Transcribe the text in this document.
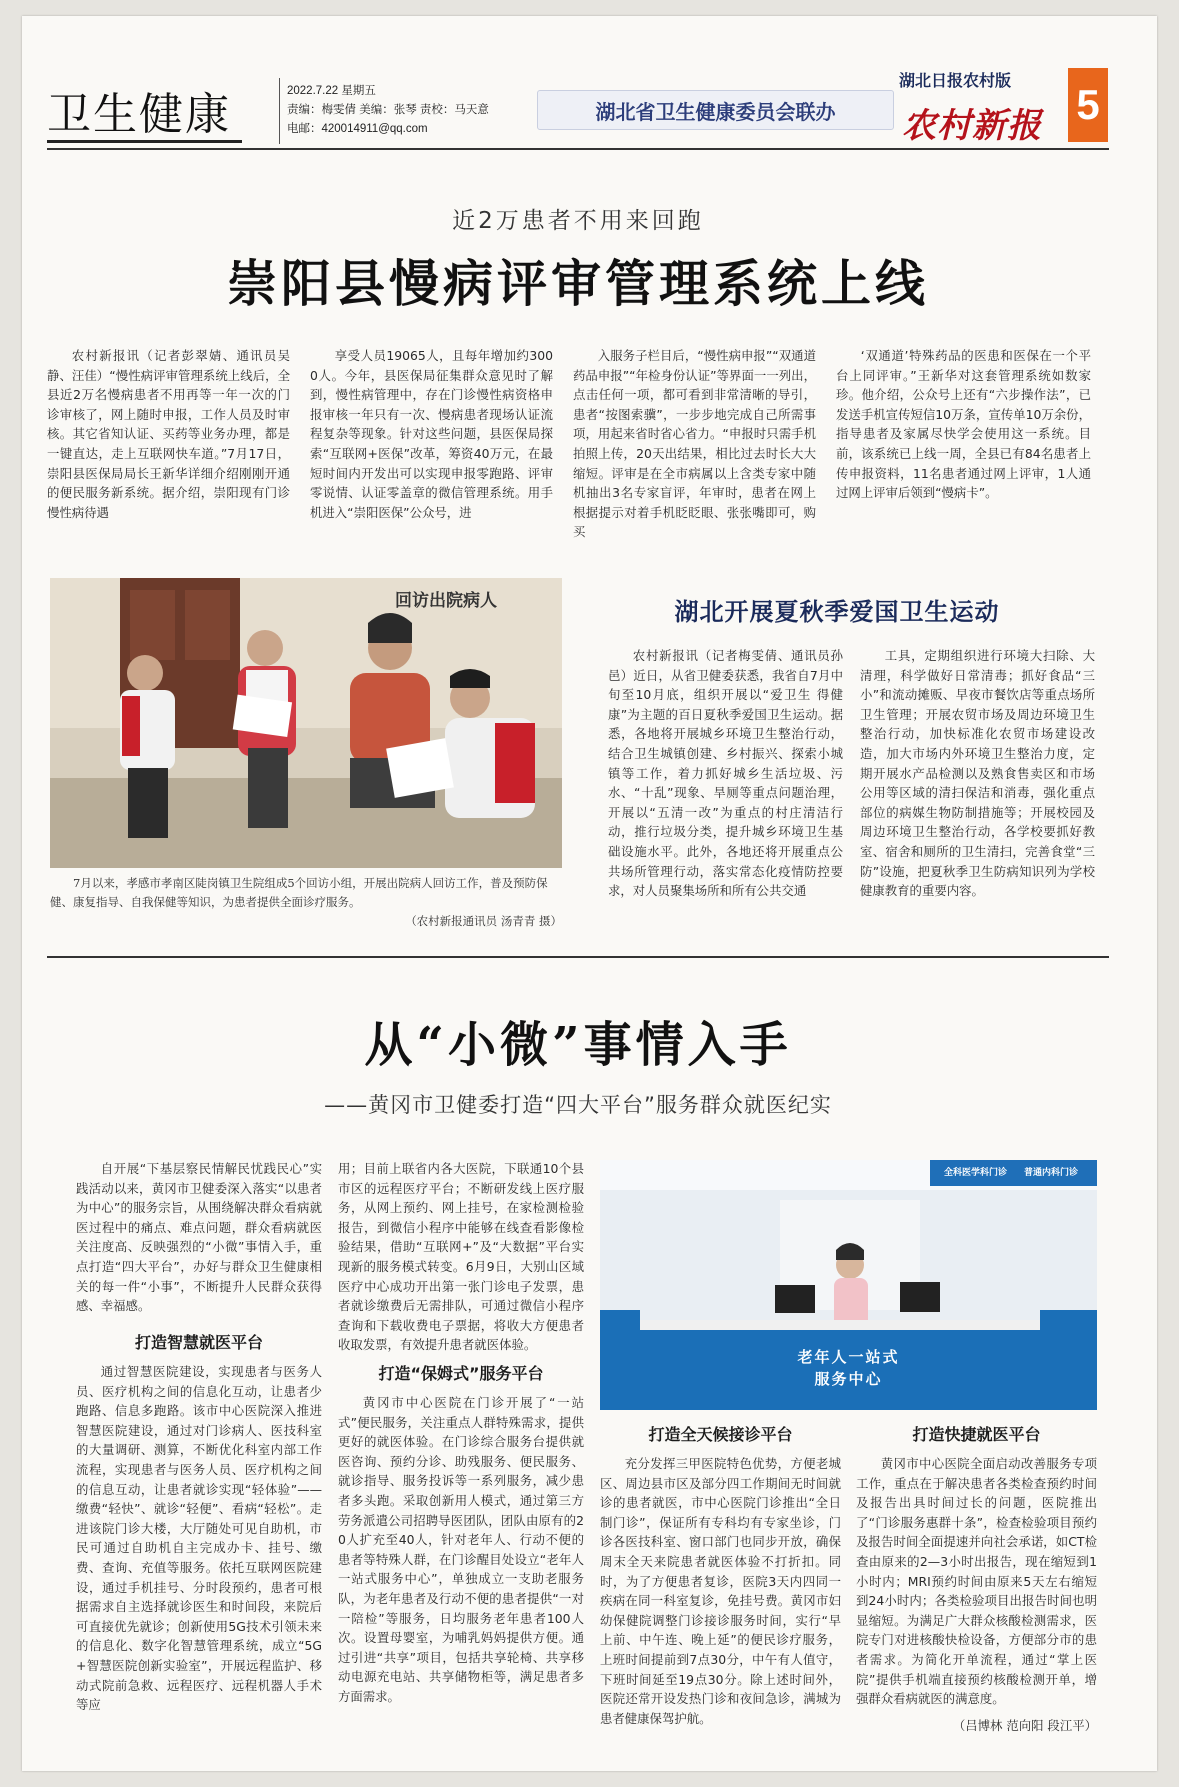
卫生健康	2022.7.22 星期五
责编：梅雯倩 美编：张琴 责校：马天意
电邮：420014911@qq.com
湖北省卫生健康委员会联办
湖北日报农村版
农村新报 5
近2万患者不用来回跑
崇阳县慢病评审管理系统上线

农村新报讯（记者彭翠婧、通讯员吴静、汪佳）“慢性病评审管理系统上线后，全县近2万名慢病患者不用再等一年一次的门诊审核了，网上随时申报，工作人员及时审核。其它省知认证、买药等业务办理，都是一键直达，走上互联网快车道。”7月17日，崇阳县医保局局长王新华详细介绍刚刚开通的便民服务新系统。据介绍，崇阳现有门诊慢性病待遇

享受人员19065人，且每年增加约3000人。今年，县医保局征集群众意见时了解到，慢性病管理中，存在门诊慢性病资格申报审核一年只有一次、慢病患者现场认证流程复杂等现象。针对这些问题，县医保局探索“互联网+医保”改革，筹资40万元，在最短时间内开发出可以实现申报零跑路、评审零说情、认证零盖章的微信管理系统。用手机进入“崇阳医保”公众号，进

入服务子栏目后，“慢性病申报”“双通道药品申报”“年检身份认证”等界面一一列出，点击任何一项，都可看到非常清晰的导引，患者“按图索骥”，一步步地完成自己所需事项，用起来省时省心省力。“申报时只需手机拍照上传，20天出结果，相比过去时长大大缩短。评审是在全市病属以上含类专家中随机抽出3名专家盲评，年审时，患者在网上根据提示对着手机眨眨眼、张张嘴即可，购买

‘双通道’特殊药品的医患和医保在一个平台上同评审。”王新华对这套管理系统如数家珍。他介绍，公众号上还有“六步操作法”，已发送手机宣传短信10万条，宣传单10万余份，指导患者及家属尽快学会使用这一系统。目前，该系统已上线一周，全县已有84名患者上传申报资料，11名患者通过网上评审，1人通过网上评审后领到“慢病卡”。

回访出院病人
7月以来，孝感市孝南区陡岗镇卫生院组成5个回访小组，开展出院病人回访工作，普及预防保健、康复指导、自我保健等知识，为患者提供全面诊疗服务。
（农村新报通讯员 汤青青 摄）
湖北开展夏秋季爱国卫生运动

农村新报讯（记者梅雯倩、通讯员孙邑）近日，从省卫健委获悉，我省自7月中旬至10月底，组织开展以“爱卫生 得健康”为主题的百日夏秋季爱国卫生运动。据悉，各地将开展城乡环境卫生整治行动，结合卫生城镇创建、乡村振兴、探索小城镇等工作，着力抓好城乡生活垃圾、污水、“十乱”现象、旱厕等重点问题治理，开展以“五清一改”为重点的村庄清洁行动，推行垃圾分类，提升城乡环境卫生基础设施水平。此外，各地还将开展重点公共场所管理行动，落实常态化疫情防控要求，对人员聚集场所和所有公共交通

工具，定期组织进行环境大扫除、大清理，科学做好日常清毒；抓好食品“三小”和流动摊贩、早夜市餐饮店等重点场所卫生管理；开展农贸市场及周边环境卫生整治行动，加快标准化农贸市场建设改造，加大市场内外环境卫生整治力度，定期开展水产品检测以及熟食售卖区和市场公用等区域的清扫保洁和消毒，强化重点部位的病媒生物防制措施等；开展校园及周边环境卫生整治行动，各学校要抓好教室、宿舍和厕所的卫生清扫，完善食堂“三防”设施，把夏秋季卫生防病知识列为学校健康教育的重要内容。

从“小微”事情入手
——黄冈市卫健委打造“四大平台”服务群众就医纪实

自开展“下基层察民情解民忧践民心”实践活动以来，黄冈市卫健委深入落实“以患者为中心”的服务宗旨，从围绕解决群众看病就医过程中的痛点、难点问题，群众看病就医关注度高、反映强烈的“小微”事情入手，重点打造“四大平台”，办好与群众卫生健康相关的每一件“小事”，不断提升人民群众获得感、幸福感。

打造智慧就医平台

通过智慧医院建设，实现患者与医务人员、医疗机构之间的信息化互动，让患者少跑路、信息多跑路。该市中心医院深入推进智慧医院建设，通过对门诊病人、医技科室的大量调研、测算，不断优化科室内部工作流程，实现患者与医务人员、医疗机构之间的信息互动，让患者就诊实现“轻体验”——缴费“轻快”、就诊“轻便”、看病“轻松”。走进该院门诊大楼，大厅随处可见自助机，市民可通过自助机自主完成办卡、挂号、缴费、查询、充值等服务。依托互联网医院建设，通过手机挂号、分时段预约，患者可根据需求自主选择就诊医生和时间段，来院后可直接优先就诊；创新使用5G技术引领未来的信息化、数字化智慧管理系统，成立“5G+智慧医院创新实验室”，开展远程监护、移动式院前急救、远程医疗、远程机器人手术等应

用；目前上联省内各大医院，下联通10个县市区的远程医疗平台；不断研发线上医疗服务，从网上预约、网上挂号，在家检测检验报告，到微信小程序中能够在线查看影像检验结果，借助“互联网+”及“大数据”平台实现新的服务模式转变。6月9日，大别山区域医疗中心成功开出第一张门诊电子发票，患者就诊缴费后无需排队，可通过微信小程序查询和下载收费电子票据，将收大方便患者收取发票，有效提升患者就医体验。

打造“保姆式”服务平台

黄冈市中心医院在门诊开展了“一站式”便民服务，关注重点人群特殊需求，提供更好的就医体验。在门诊综合服务台提供就医咨询、预约分诊、助残服务、便民服务、就诊指导、服务投诉等一系列服务，减少患者多头跑。采取创新用人模式，通过第三方劳务派遣公司招聘导医团队，团队由原有的20人扩充至40人，针对老年人、行动不便的患者等特殊人群，在门诊醒目处设立“老年人一站式服务中心”，单独成立一支助老服务队，为老年患者及行动不便的患者提供“一对一陪检”等服务，日均服务老年患者100人次。设置母婴室，为哺乳妈妈提供方便。通过引进“共享”项目，包括共享轮椅、共享移动电源充电站、共享储物柜等，满足患者多方面需求。

全科医学科门诊 普通内科门诊
老年人一站式
服务中心
打造全天候接诊平台

充分发挥三甲医院特色优势，方便老城区、周边县市区及部分四工作期间无时间就诊的患者就医，市中心医院门诊推出“全日制门诊”，保证所有专科均有专家坐诊，门诊各医技科室、窗口部门也同步开放，确保周末全天来院患者就医体验不打折扣。同时，为了方便患者复诊，医院3天内四同一疾病在同一科室复诊，免挂号费。黄冈市妇幼保健院调整门诊接诊服务时间，实行“早上前、中午连、晚上延”的便民诊疗服务，上班时间提前到7点30分，中午有人值守，下班时间延至19点30分。除上述时间外，医院还常开设发热门诊和夜间急诊，满城为患者健康保驾护航。

打造快捷就医平台

黄冈市中心医院全面启动改善服务专项工作，重点在于解决患者各类检查预约时间及报告出具时间过长的问题，医院推出了“门诊服务惠群十条”，检查检验项目预约及报告时间全面提速并向社会承诺，如CT检查由原来的2—3小时出报告，现在缩短到1小时内；MRI预约时间由原来5天左右缩短到24小时内；各类检验项目出报告时间也明显缩短。为满足广大群众核酸检测需求，医院专门对进核酸快检设备，方便部分市的患者需求。为简化开单流程，通过“掌上医院”提供手机端直接预约核酸检测开单，增强群众看病就医的满意度。

（吕博林 范向阳 段江平）
